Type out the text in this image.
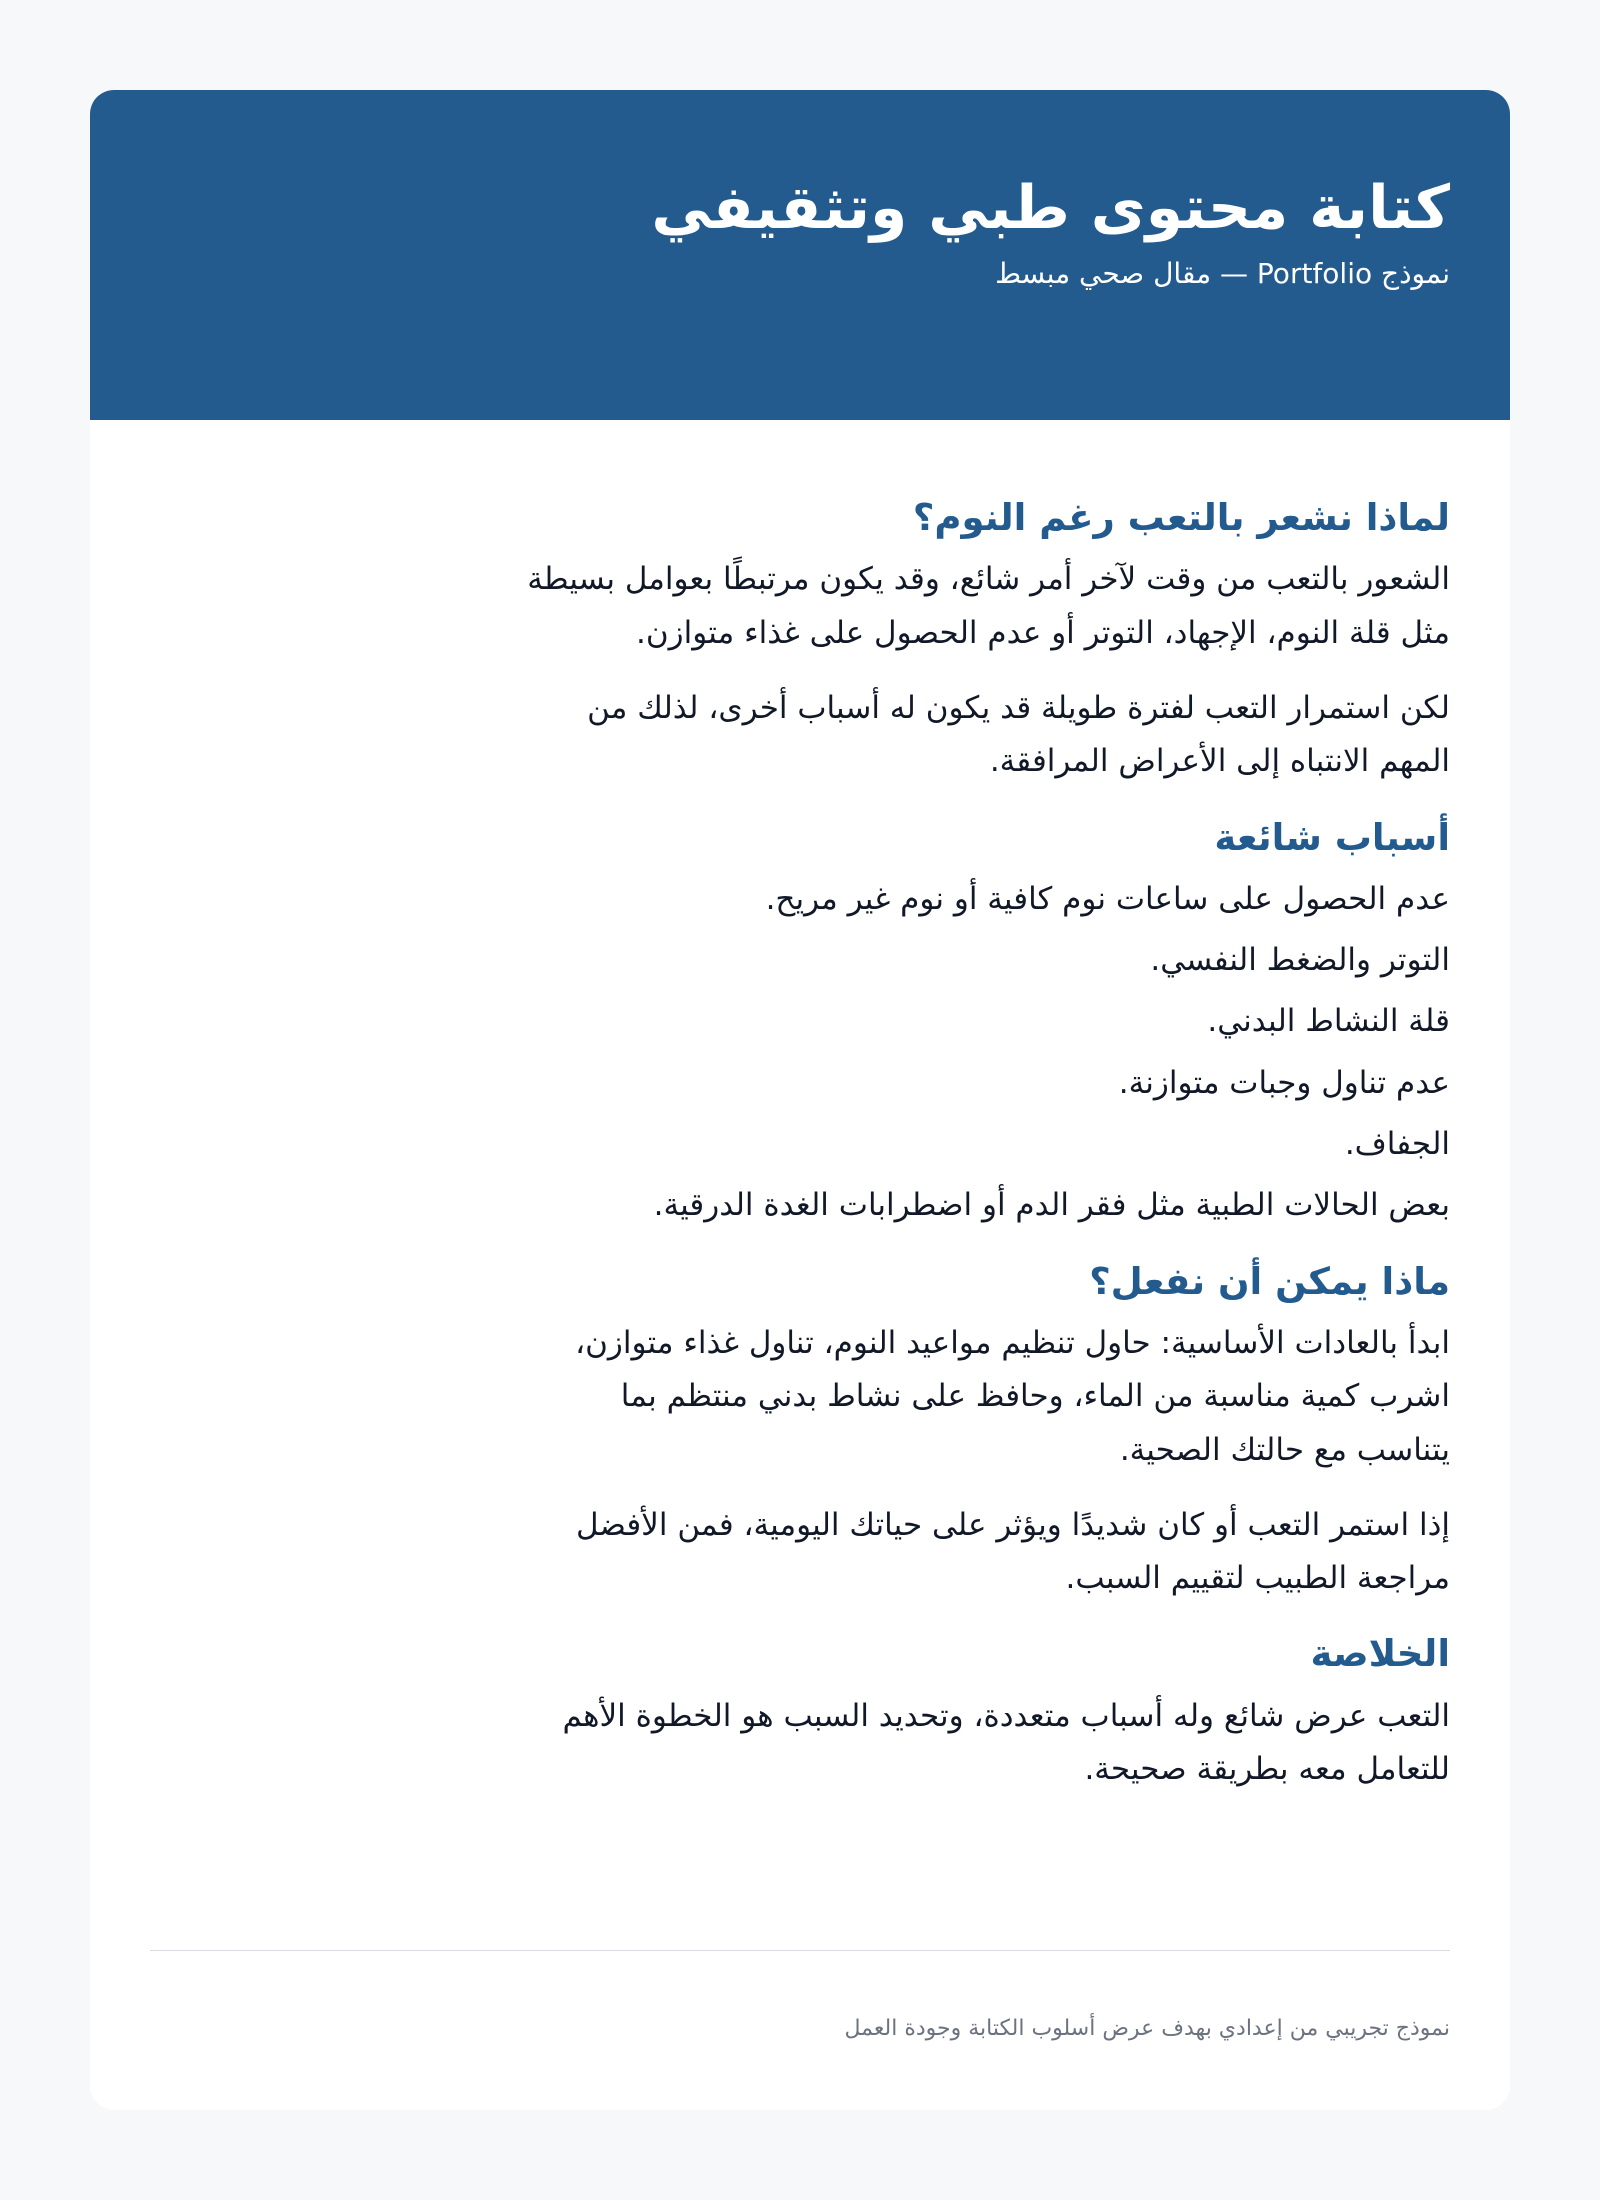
كتابة محتوى طبي وتثقيفي

نموذج Portfolio — مقال صحي مبسط

لماذا نشعر بالتعب رغم النوم؟

الشعور بالتعب من وقت لآخر أمر شائع، وقد يكون مرتبطًا بعوامل بسيطة مثل قلة النوم، الإجهاد، التوتر أو عدم الحصول على غذاء متوازن.

لكن استمرار التعب لفترة طويلة قد يكون له أسباب أخرى، لذلك من المهم الانتباه إلى الأعراض المرافقة.

أسباب شائعة
عدم الحصول على ساعات نوم كافية أو نوم غير مريح.
التوتر والضغط النفسي.
قلة النشاط البدني.
عدم تناول وجبات متوازنة.
الجفاف.
بعض الحالات الطبية مثل فقر الدم أو اضطرابات الغدة الدرقية.
ماذا يمكن أن نفعل؟

ابدأ بالعادات الأساسية: حاول تنظيم مواعيد النوم، تناول غذاء متوازن، اشرب كمية مناسبة من الماء، وحافظ على نشاط بدني منتظم بما يتناسب مع حالتك الصحية.

إذا استمر التعب أو كان شديدًا ويؤثر على حياتك اليومية، فمن الأفضل مراجعة الطبيب لتقييم السبب.

الخلاصة

التعب عرض شائع وله أسباب متعددة، وتحديد السبب هو الخطوة الأهم للتعامل معه بطريقة صحيحة.

نموذج تجريبي من إعدادي بهدف عرض أسلوب الكتابة وجودة العمل
